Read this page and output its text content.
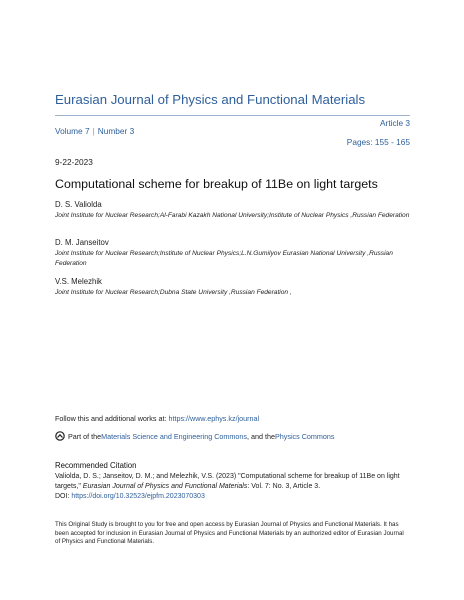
Eurasian Journal of Physics and Functional Materials
Article 3
Volume 7 | Number 3
Pages: 155 - 165
9-22-2023
Computational scheme for breakup of 11Be on light targets
D. S. Valiolda
Joint Institute for Nuclear Research;Al-Farabi Kazakh National University;Institute of Nuclear Physics ,Russian Federation
D. M. Janseitov
Joint Institute for Nuclear Research;Institute of Nuclear Physics;L.N.Gumilyov Eurasian National University ,Russian Federation
V.S. Melezhik
Joint Institute for Nuclear Research;Dubna State University ,Russian Federation ,
Follow this and additional works at: https://www.ephys.kz/journal
Part of the Materials Science and Engineering Commons , and the Physics Commons
Recommended Citation
Valiolda, D. S.; Janseitov, D. M.; and Melezhik, V.S. (2023) "Computational scheme for breakup of 11Be on light targets," Eurasian Journal of Physics and Functional Materials: Vol. 7: No. 3, Article 3.
DOI: https://doi.org/10.32523/ejpfm.2023070303
This Original Study is brought to you for free and open access by Eurasian Journal of Physics and Functional Materials. It has been accepted for inclusion in Eurasian Journal of Physics and Functional Materials by an authorized editor of Eurasian Journal of Physics and Functional Materials.
